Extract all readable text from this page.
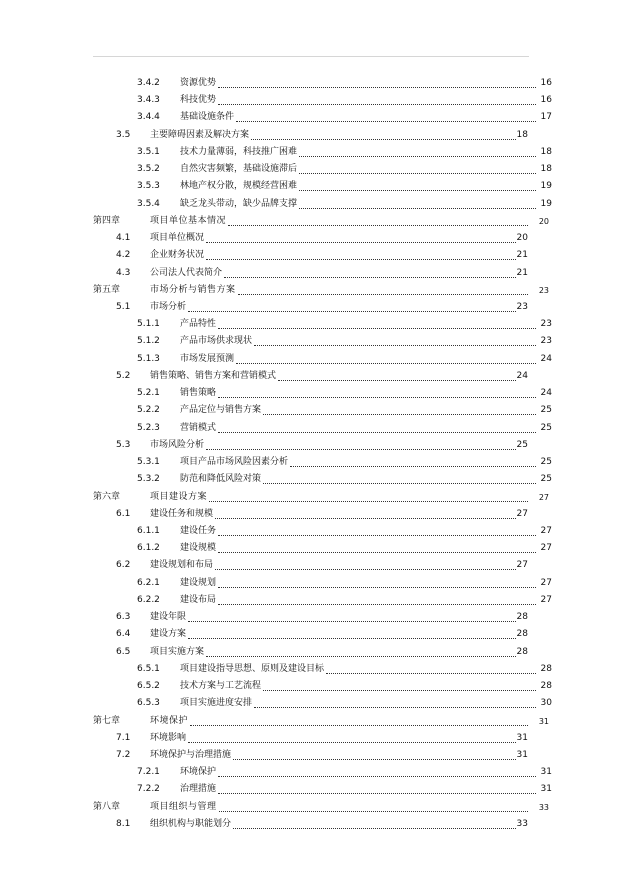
3.4.2 资源优势	16
3.4.3 科技优势	16
3.4.4 基础设施条件	17
3.5 主要障碍因素及解决方案	18
3.5.1 技术力量薄弱，科技推广困难	18
3.5.2 自然灾害频繁，基础设施滞后	18
3.5.3 林地产权分散，规模经营困难	19
3.5.4 缺乏龙头带动，缺少品牌支撑	19
第四章	项目单位基本情况	20
4.1 项目单位概况	20
4.2 企业财务状况	21
4.3 公司法人代表简介	21
第五章	市场分析与销售方案	23
5.1 市场分析	23
5.1.1 产品特性	23
5.1.2 产品市场供求现状	23
5.1.3 市场发展预测	24
5.2 销售策略、销售方案和营销模式	24
5.2.1 销售策略	24
5.2.2 产品定位与销售方案	25
5.2.3 营销模式	25
5.3 市场风险分析	25
5.3.1 项目产品市场风险因素分析	25
5.3.2 防范和降低风险对策	25
第六章	项目建设方案	27
6.1 建设任务和规模	27
6.1.1 建设任务	27
6.1.2 建设规模	27
6.2 建设规划和布局	27
6.2.1 建设规划	27
6.2.2 建设布局	27
6.3 建设年限	28
6.4 建设方案	28
6.5 项目实施方案	28
6.5.1 项目建设指导思想、原则及建设目标	28
6.5.2 技术方案与工艺流程	28
6.5.3 项目实施进度安排	30
第七章	环境保护	31
7.1 环境影响	31
7.2 环境保护与治理措施	31
7.2.1 环境保护	31
7.2.2 治理措施	31
第八章	项目组织与管理	33
8.1 组织机构与职能划分	33
